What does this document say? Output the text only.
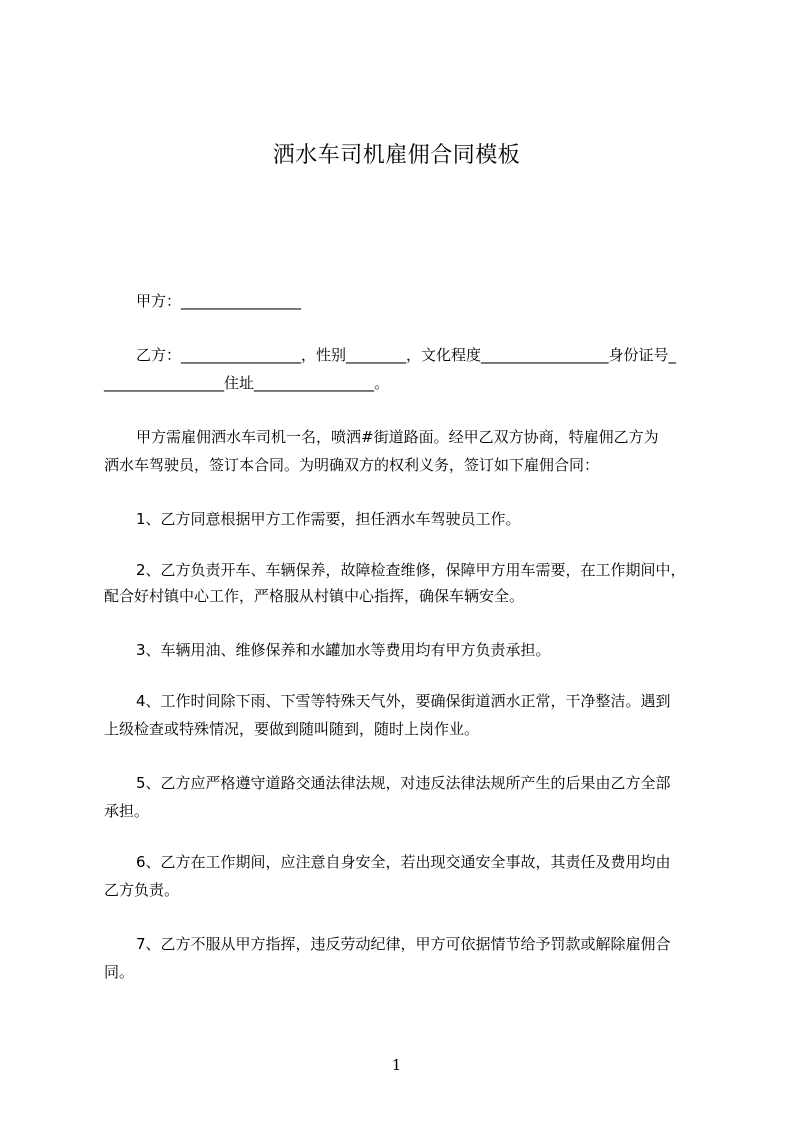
洒水车司机雇佣合同模板

甲方：________________

乙方：________________，性别________，文化程度_________________身份证号_

________________住址________________。

甲方需雇佣洒水车司机一名，喷洒#街道路面。经甲乙双方协商，特雇佣乙方为

洒水车驾驶员，签订本合同。为明确双方的权利义务，签订如下雇佣合同：

1、乙方同意根据甲方工作需要，担任洒水车驾驶员工作。

2、乙方负责开车、车辆保养，故障检查维修，保障甲方用车需要，在工作期间中，

配合好村镇中心工作，严格服从村镇中心指挥，确保车辆安全。

3、车辆用油、维修保养和水罐加水等费用均有甲方负责承担。

4、工作时间除下雨、下雪等特殊天气外，要确保街道洒水正常，干净整洁。遇到

上级检查或特殊情况，要做到随叫随到，随时上岗作业。

5、乙方应严格遵守道路交通法律法规，对违反法律法规所产生的后果由乙方全部

承担。

6、乙方在工作期间，应注意自身安全，若出现交通安全事故，其责任及费用均由

乙方负责。

7、乙方不服从甲方指挥，违反劳动纪律，甲方可依据情节给予罚款或解除雇佣合

同。

1
